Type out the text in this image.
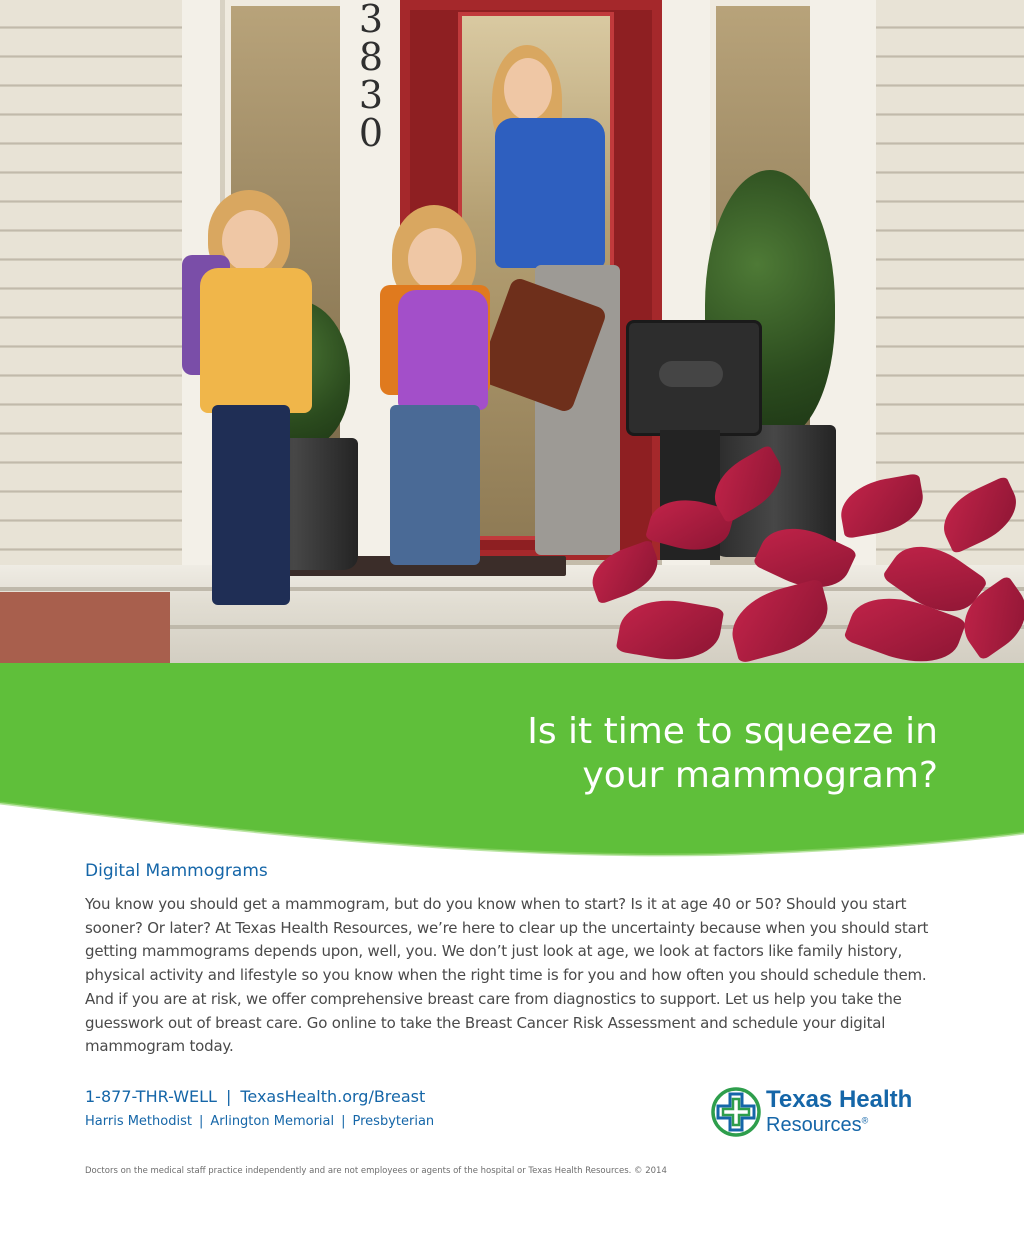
3
8
3
0
Is it time to squeeze in
your mammogram?
Digital Mammograms

You know you should get a mammogram, but do you know when to start? Is it at age 40 or 50? Should you start sooner? Or later? At Texas Health Resources, we’re here to clear up the uncertainty because when you should start getting mammograms depends upon, well, you. We don’t just look at age, we look at factors like family history, physical activity and lifestyle so you know when the right time is for you and how often you should schedule them. And if you are at risk, we offer comprehensive breast care from diagnostics to support. Let us help you take the guesswork out of breast care. Go online to take the Breast Cancer Risk Assessment and schedule your digital mammogram today.

1-877-THR-WELL | TexasHealth.org/Breast

Harris Methodist | Arlington Memorial | Presbyterian

Texas Health
Resources®

Doctors on the medical staff practice independently and are not employees or agents of the hospital or Texas Health Resources. © 2014
